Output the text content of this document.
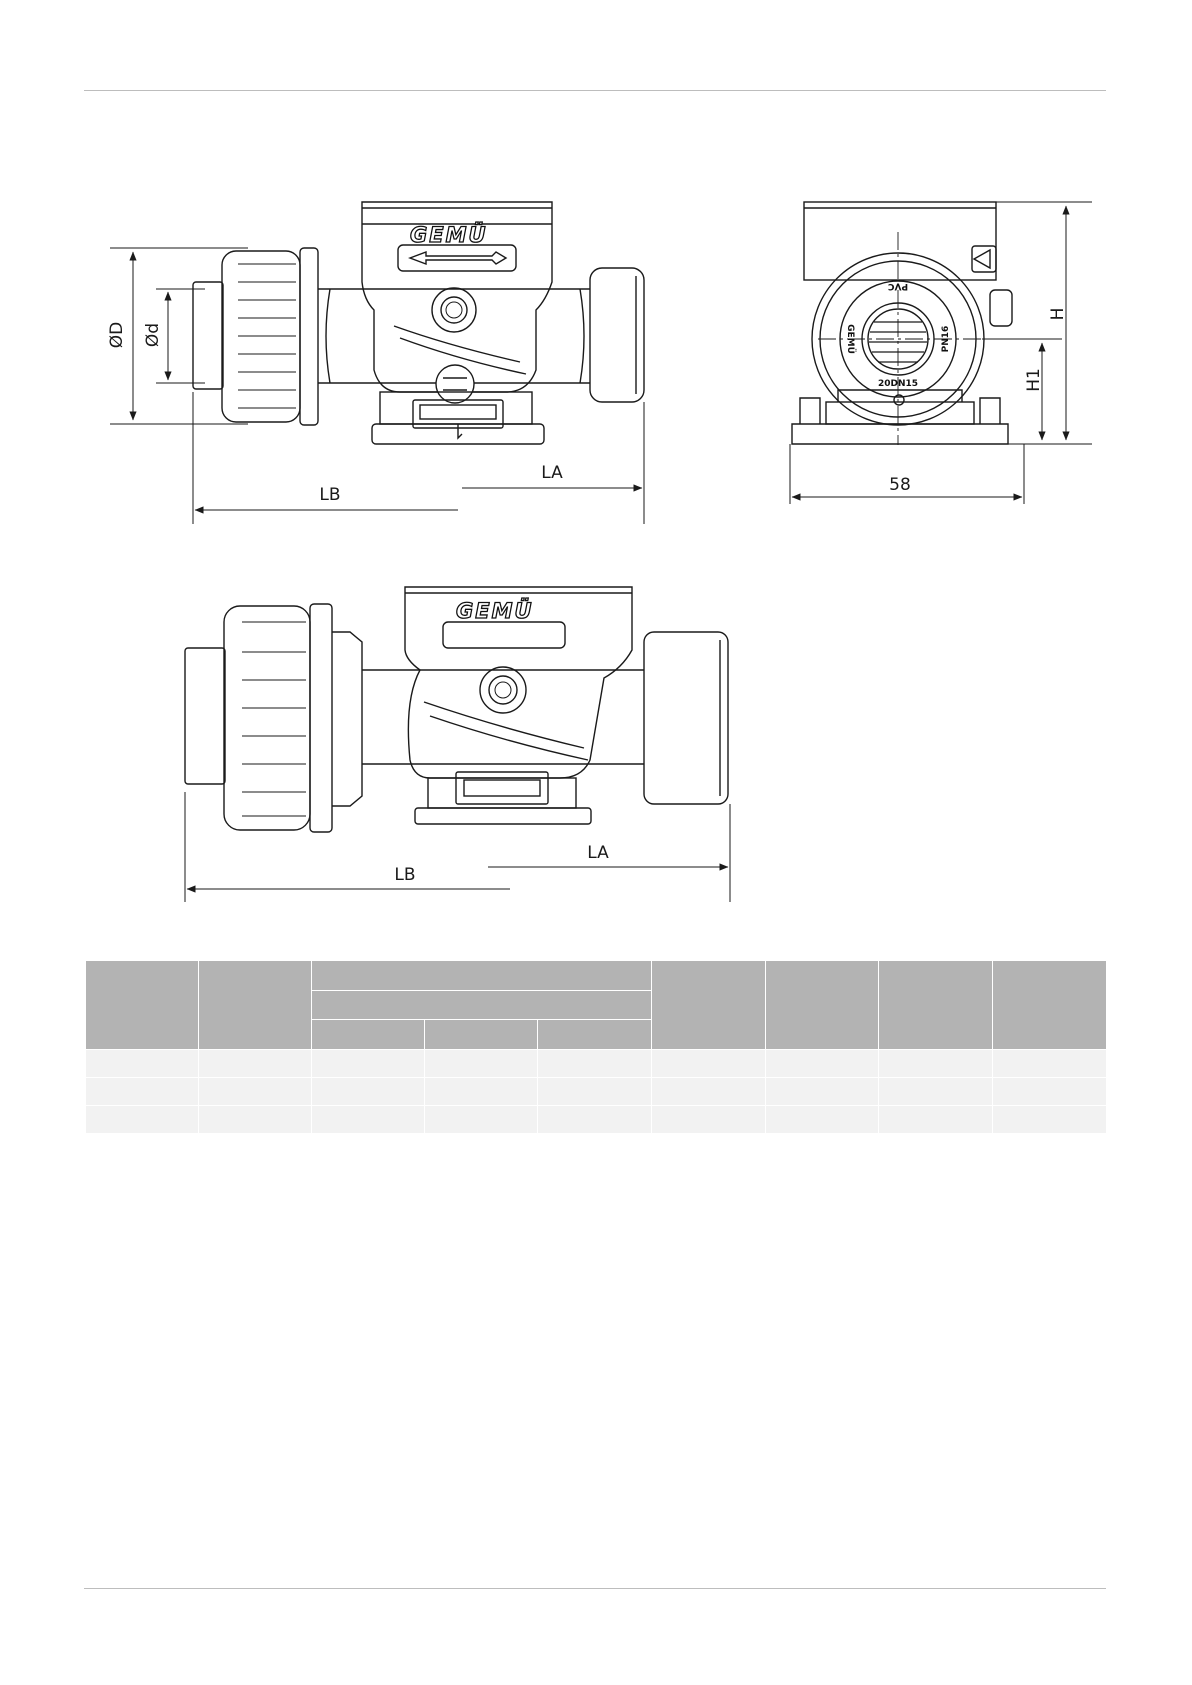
GEMÜ
ØD Ød
LA
LB
PVC
PN16
GEMÜ
20DN15
H
H1
58
GEMÜ
LA
LB
